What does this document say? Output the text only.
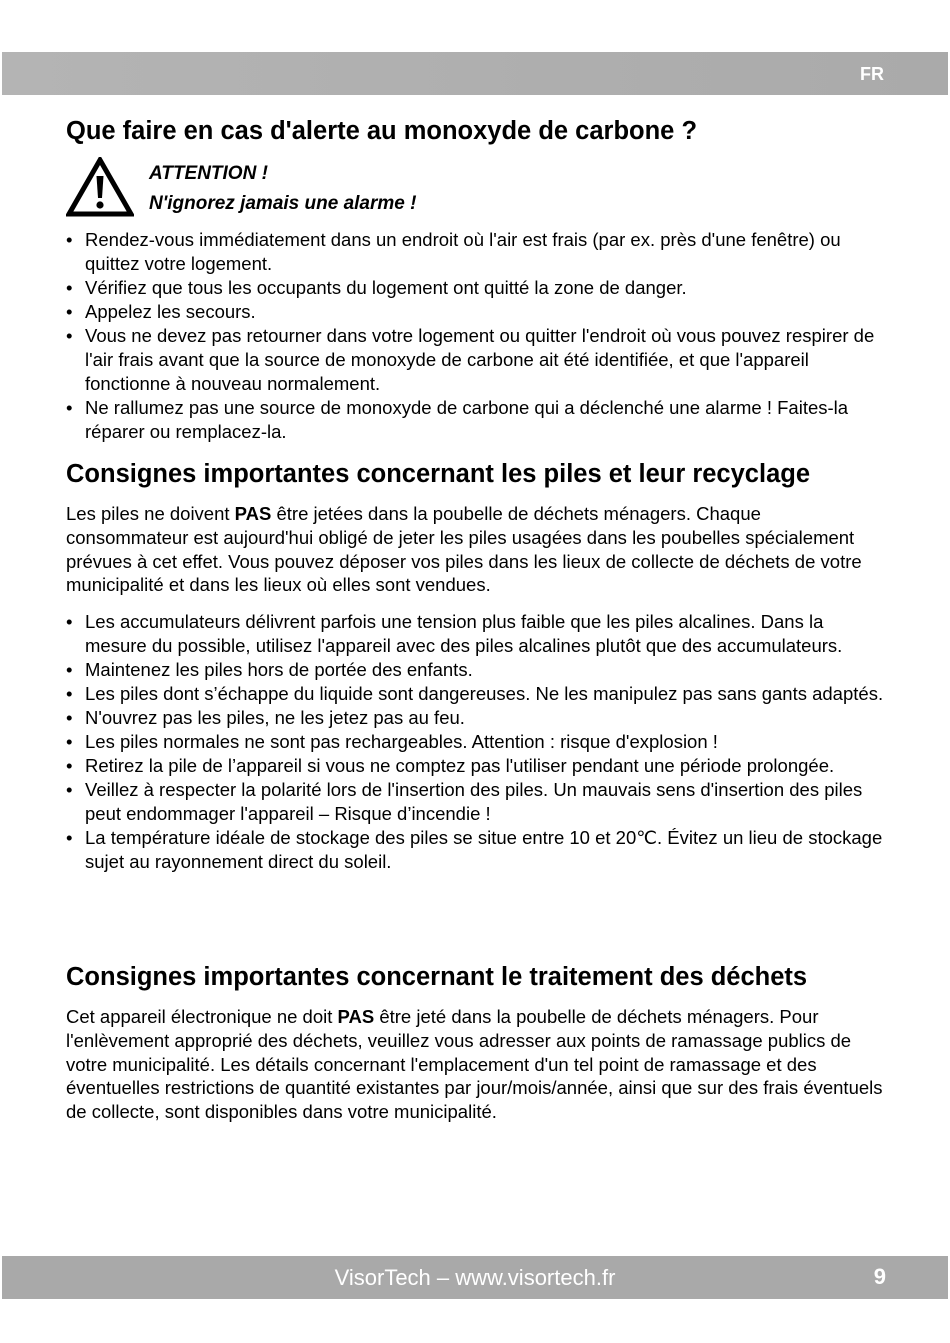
FR
Que faire en cas d'alerte au monoxyde de carbone ?
ATTENTION !
N'ignorez jamais une alarme !
• Rendez-vous immédiatement dans un endroit où l'air est frais (par ex. près d'une fenêtre) ou quittez votre logement.
• Vérifiez que tous les occupants du logement ont quitté la zone de danger.
• Appelez les secours.
• Vous ne devez pas retourner dans votre logement ou quitter l'endroit où vous pouvez respirer de l'air frais avant que la source de monoxyde de carbone ait été identifiée, et que l'appareil fonctionne à nouveau normalement.
• Ne rallumez pas une source de monoxyde de carbone qui a déclenché une alarme ! Faites-la réparer ou remplacez-la.
Consignes importantes concernant les piles et leur recyclage

Les piles ne doivent PAS être jetées dans la poubelle de déchets ménagers. Chaque consommateur est aujourd'hui obligé de jeter les piles usagées dans les poubelles spécialement prévues à cet effet. Vous pouvez déposer vos piles dans les lieux de collecte de déchets de votre municipalité et dans les lieux où elles sont vendues.

• Les accumulateurs délivrent parfois une tension plus faible que les piles alcalines. Dans la mesure du possible, utilisez l'appareil avec des piles alcalines plutôt que des accumulateurs.
• Maintenez les piles hors de portée des enfants.
• Les piles dont s’échappe du liquide sont dangereuses. Ne les manipulez pas sans gants adaptés.
• N'ouvrez pas les piles, ne les jetez pas au feu.
• Les piles normales ne sont pas rechargeables. Attention : risque d'explosion !
• Retirez la pile de l’appareil si vous ne comptez pas l'utiliser pendant une période prolongée.
• Veillez à respecter la polarité lors de l'insertion des piles. Un mauvais sens d'insertion des piles peut endommager l'appareil – Risque d’incendie !
• La température idéale de stockage des piles se situe entre 10 et 20℃. Évitez un lieu de stockage sujet au rayonnement direct du soleil.
Consignes importantes concernant le traitement des déchets

Cet appareil électronique ne doit PAS être jeté dans la poubelle de déchets ménagers. Pour l'enlèvement approprié des déchets, veuillez vous adresser aux points de ramassage publics de votre municipalité. Les détails concernant l'emplacement d'un tel point de ramassage et des éventuelles restrictions de quantité existantes par jour/mois/année, ainsi que sur des frais éventuels de collecte, sont disponibles dans votre municipalité.

VisorTech – www.visortech.fr	9
